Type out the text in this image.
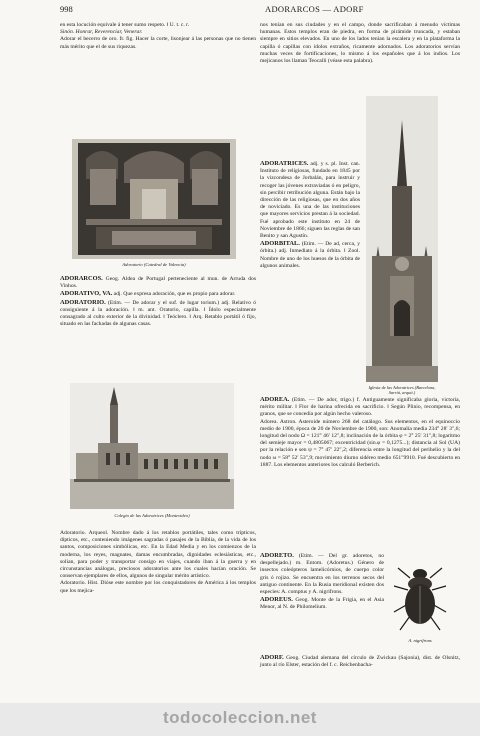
998	ADORARCOS — ADORF

en esta locución equivale á tener sumo respeto. ‖ U. t. c. r.

Sinón. Honrar, Reverenciar, Venerar.

Adorar el becerro de oro. fr. fig. Hacer la corte, lisonjear á las personas que no tienen más mérito que el de sus riquezas.

Adoratorio (Catedral de Valencia)

ADORARCOS. Geog. Aldea de Portugal perteneciente al mun. de Arruda dos Vinhos.

ADORATIVO, VA. adj. Que expresa adoración, que es propio para adorar.

ADORATORIO. (Etim. — De adorar y el suf. de lugar torium.) adj. Relativo ó consiguiente á la adoración. ‖ m. ant. Oratorio, capilla. ‖ Ídolo especialmente consagrado al culto exterior de la divinidad. ‖ Teóclero. ‖ Arq. Retablo portátil ó fijo, situado en las fachadas de algunas casas.

Colegio de las Adoratrices (Montevideo)

Adoratorio. Arqueol. Nombre dado á los retablos portátiles, tales como trípticos, dípticos, etc., conteniendo imágenes sagradas ó pasajes de la Biblia, de la vida de los santos, composiciones simbólicas, etc. En la Edad Media y en los comienzos de la moderna, los reyes, magnates, damas encumbradas, dignidades eclesiásticas, etc., solían, para poder y transportar consigo en viajes, cuando iban á la guerra y en circunstancias análogas, preciosos adoratorios ante los cuales hacían oración. Se conservan ejemplares de ellos, algunos de singular mérito artístico.

Adoratorio. Hist. Dióse este nombre por los conquistadores de América á los templos que los mejica-

nos tenían en sus ciudades y en el campo, donde sacrificaban á menudo víctimas humanas. Estos templos eran de piedra, en forma de pirámide truncada, y estaban siempre en sitios elevados. En uno de los lados tenían la escalera y en la plataforma la capilla ó capillas con ídolos extraños, ricamente adornados. Los adoratorios servían muchas veces de fortificaciones, lo mismo á los españoles que á los indios. Los mejicanos los llaman Teocalli (véase esta palabra).

Iglesia de las Adoratrices (Barcelona, Sarrià, arquit.)

ADORATRICES. adj. y s. pl. Inst. can. Instituto de religiosas, fundado en 1845 por la vizcondesa de Jorbalán, para instruir y recoger las jóvenes extraviadas ó en peligro, sin percibir retribución alguna. Están bajo la dirección de las religiosas, que en dos años de noviciado. Es una de las instituciones que mayores servicios prestan á la sociedad. Fué aprobado este instituto en 24 de Noviembre de 1866; siguen las reglas de san Benito y san Agustín.

ADORBITAL. (Etim. — De ad, cerca, y órbita.) adj. Inmediato á la órbita. ‖ Zool. Nombre de uno de los huesos de la órbita de algunos animales.

ADOREA. (Etim. — De ador, trigo.) f. Antiguamente significaba gloria, victoria, mérito militar. ‖ Flor de harina ofrecida en sacrificio. ‖ Según Plinio, recompensa, en granos, que se concedía por algún hecho valeroso.

Adorea. Astron. Asteroide número 268 del catálogo. Sus elementos, en el equinoccio medio de 1900, época de 20 de Noviembre de 1900, son: Anomalía media 234° 28′ 3″,6; longitud del nodo Ω = 121° 46′ 12″,8; inclinación de la órbita φ = 2° 25′ 31″,8; logaritmo del semieje mayor = 0,4805067; excentricidad (sin.φ = 0,1275...); distancia al Sol (UA) por la relación e sen ψ = 7° 47′ 22″,2; diferencia entre la longitud del perihelio y la del nodo ω = 58° 52′ 53″,9; movimiento diurno sidéreo medio 651″9910. Fué descubierto en 1887. Los elementos anteriores los calculó Berberich.

ADORETO. (Etim. — Del gr. adoretos, no despellejado.) m. Entom. (Adoretus.) Género de insectos coleópteros lamelicórnios, de cuerpo color gris ó rojizo. Se encuentra en los terrenos secos del antiguo continente. En la Rusia meridional existen dos especies: A. comptus y A. nigrifrons.

ADOREUS. Geog. Monte de la Frigia, en el Asia Menor, al N. de Philomelium.

ADORF. Geog. Ciudad alemana del círculo de Zwickau (Sajonia), dist. de Olsnitz, junto al río Elster, estación del f. c. Reichenbacha-

A. nigrifrons
todocoleccion.net
